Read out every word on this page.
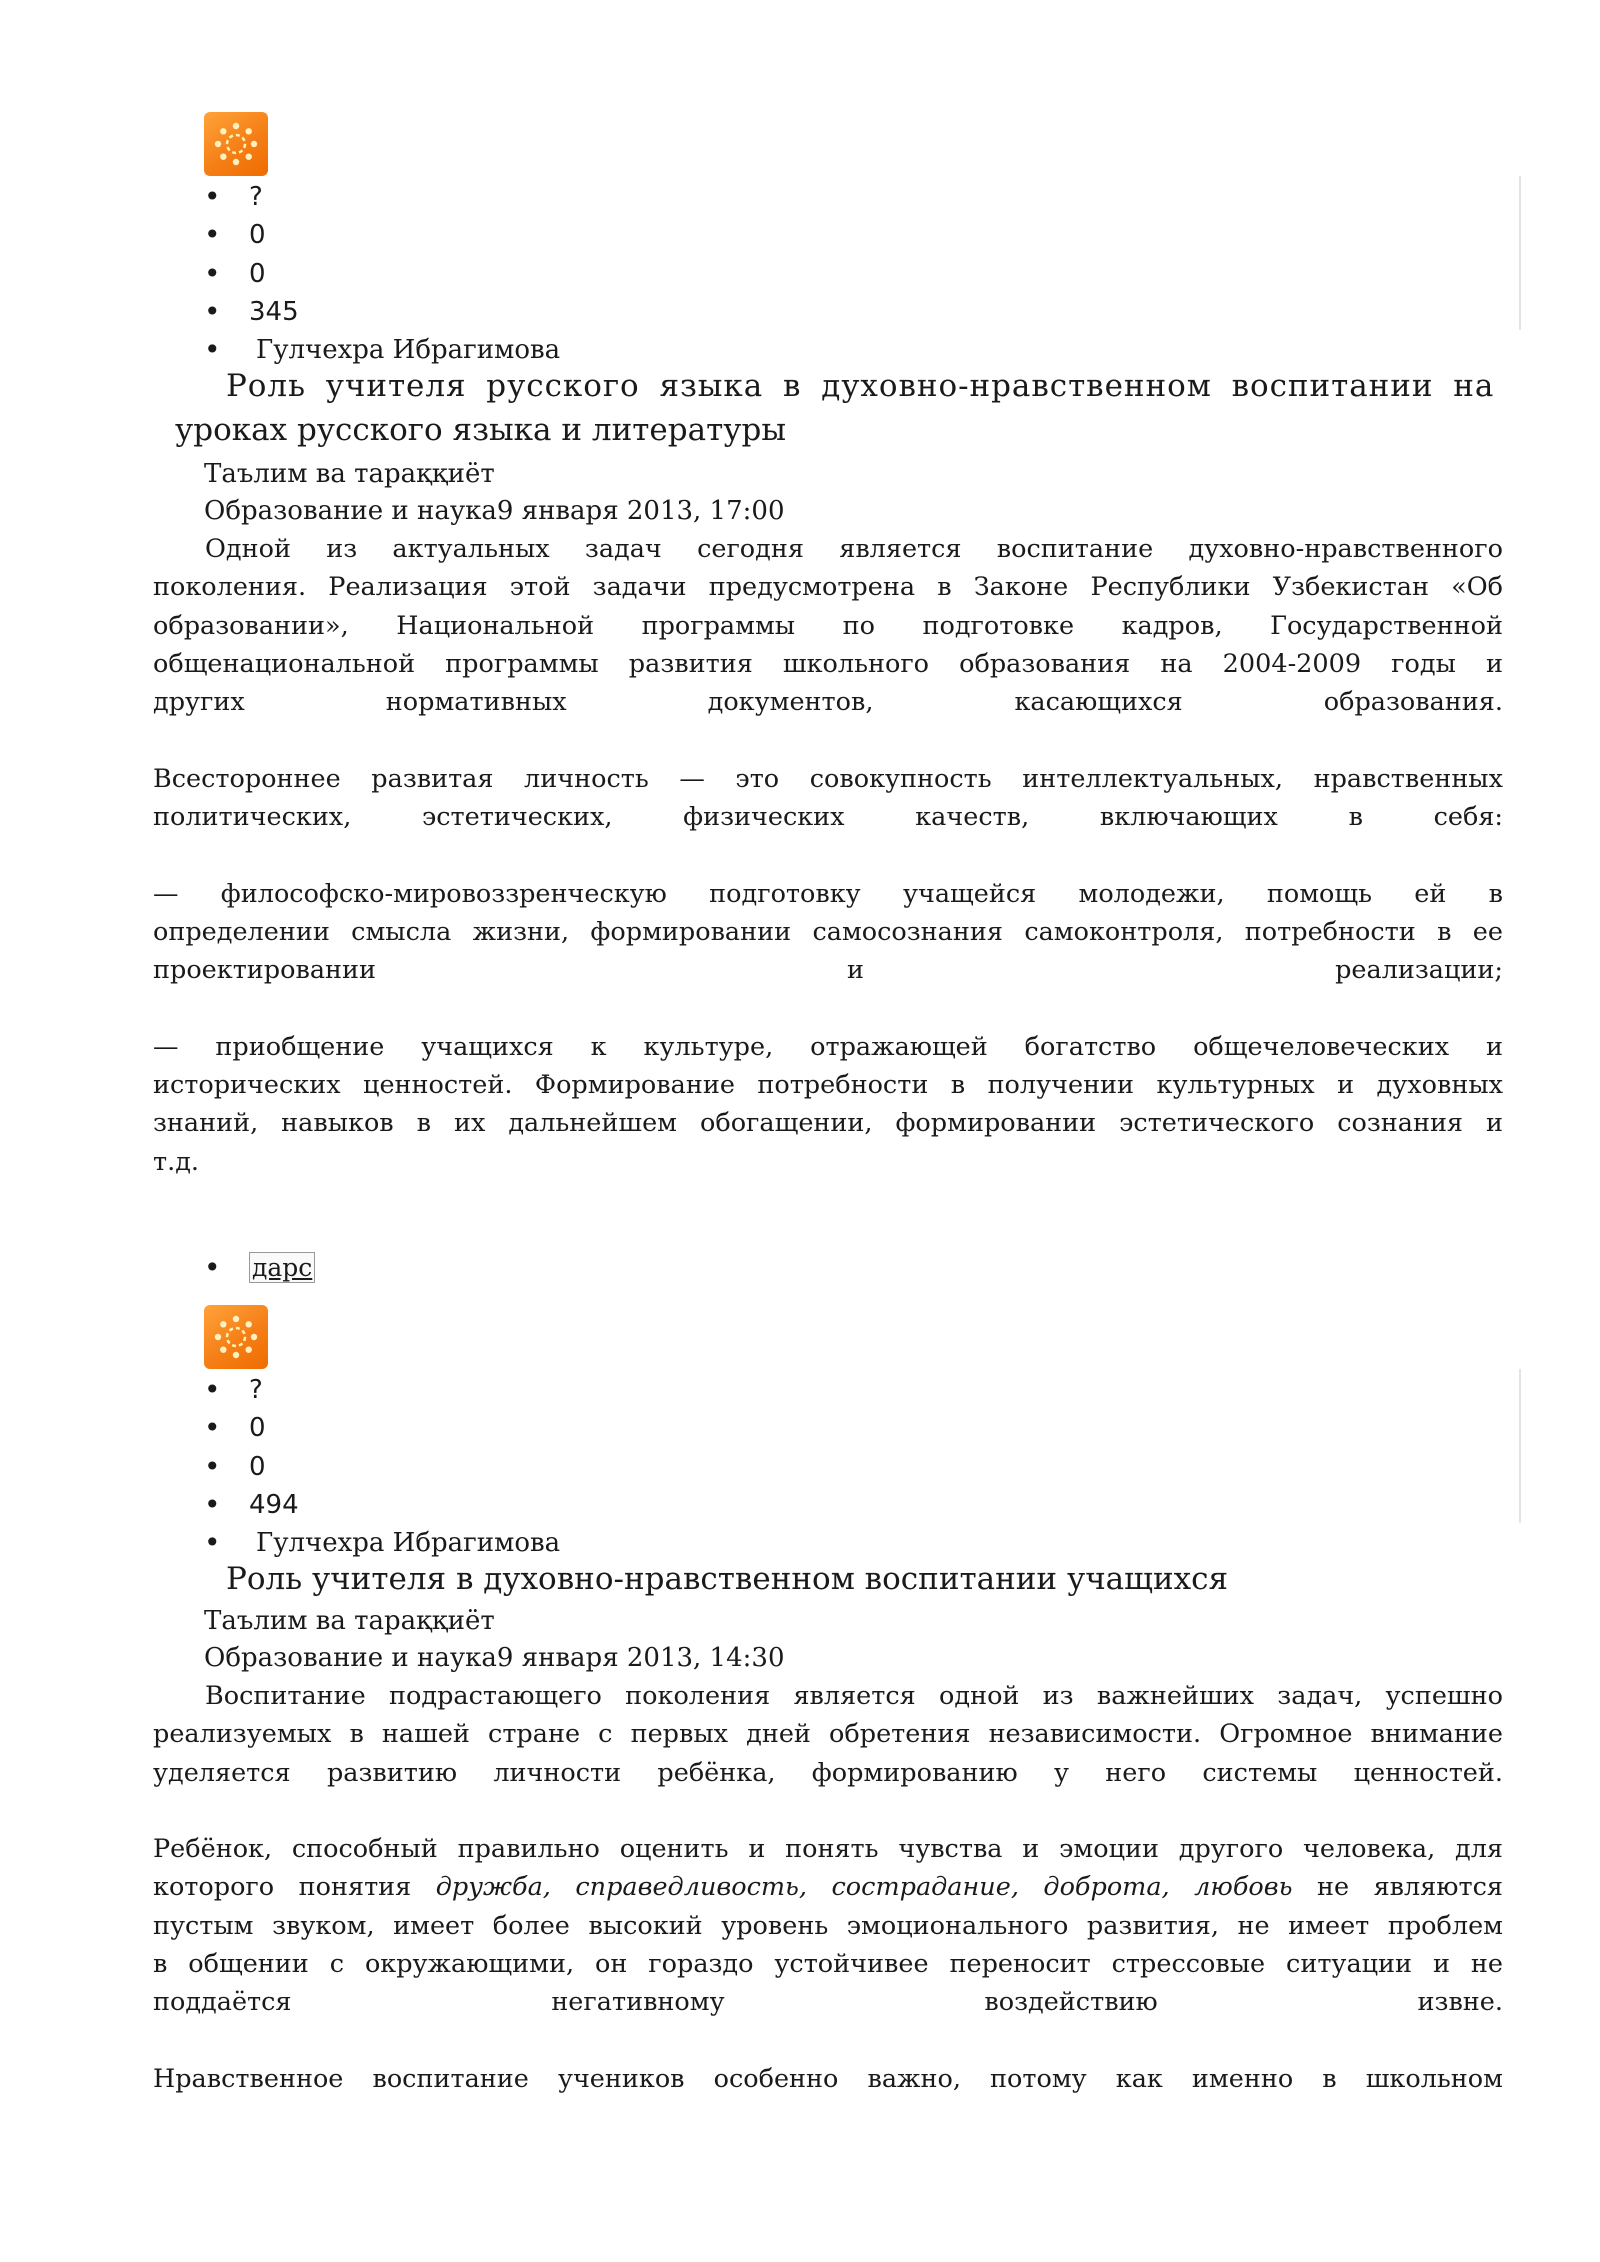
• ?
• 0
• 0
• 345
• Гулчехра Ибрагимова
Роль учителя русского языка в духовно-нравственном воспитании на
уроках русского языка и литературы
Таълим ва тараққиёт
Образование и наука9 января 2013, 17:00

Одной из актуальных задач сегодня является воспитание духовно-нравственного

поколения. Реализация этой задачи предусмотрена в Законе Республики Узбекистан «Об

образовании», Национальной программы по подготовке кадров, Государственной

общенациональной программы развития школьного образования на 2004-2009 годы и

других нормативных документов, касающихся образования.

Всестороннее развитая личность — это совокупность интеллектуальных, нравственных

политических, эстетических, физических качеств, включающих в себя:

— философско-мировоззренческую подготовку учащейся молодежи, помощь ей в

определении смысла жизни, формировании самосознания самоконтроля, потребности в ее

проектировании и реализации;

— приобщение учащихся к культуре, отражающей богатство общечеловеческих и

исторических ценностей. Формирование потребности в получении культурных и духовных

знаний, навыков в их дальнейшем обогащении, формировании эстетического сознания и

т.д.

• дарс
• ?
• 0
• 0
• 494
• Гулчехра Ибрагимова
Роль учителя в духовно-нравственном воспитании учащихся
Таълим ва тараққиёт
Образование и наука9 января 2013, 14:30

Воспитание подрастающего поколения является одной из важнейших задач, успешно

реализуемых в нашей стране с первых дней обретения независимости. Огромное внимание

уделяется развитию личности ребёнка, формированию у него системы ценностей.

Ребёнок, способный правильно оценить и понять чувства и эмоции другого человека, для

которого понятия дружба, справедливость, сострадание, доброта, любовь не являются

пустым звуком, имеет более высокий уровень эмоционального развития, не имеет проблем

в общении с окружающими, он гораздо устойчивее переносит стрессовые ситуации и не

поддаётся негативному воздействию извне.

Нравственное воспитание учеников особенно важно, потому как именно в школьном
